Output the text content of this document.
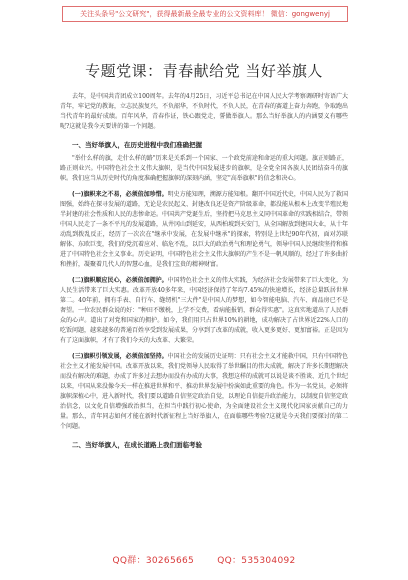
关注头条号"公文研究"，获得最新最全最专业的公文资料库！ 微信：gongwenyj
专题党课：青春献给党 当好举旗人

去年，是中国共青团成立100周年。去年的4月25日，习近平总书记在中国人民大学考察调研时寄语广大青年，牢记党的教诲，立志民族复兴，不负韶华，不负时代，不负人民，在青春的赛道上奋力奔跑，争取跑出当代青年的最好成绩。百年风华，青春作证，铁心跟党走，誓做举旗人。那么当好举旗人的内涵要义有哪些呢?这就是我今天要讲的第一个问题。

一、当好举旗人，在历史进程中我们准确把握

"举什么样的旗，走什么样的路"历来是关系到一个国家、一个政党前途和命运的重大问题。旗正则路正，路正则业兴。中国特色社会主义伟大旗帜，是当代中国发展进步的旗帜，是全党全国各族人民团结奋斗的旗帜。我们应当从历史时代的角度准确把握旗帜的深刻内涵，坚定"高举旗帜"的信念和决心。

(一)旗帜来之不易，必须倍加珍惜。明史方能知理，溯源方能知根。翻开中国近代史，中国人民为了救国图强，始终在探寻发展的道路，无论是农民起义、封建改良还是资产阶级革命，都没能从根本上改变半殖民地半封建的社会性质和人民的悲惨命运。中国共产党诞生后，坚持把马克思主义同中国革命的实践相结合，带领中国人民走了一条不平凡的发展道路，从井冈山到延安，从西柏坡到天安门，从全国解放到建国大业，从十年动乱到拨乱反正，经历了一次次在"继承中发展，在发展中继承"的探索，特别是上世纪90年代初，面对苏联解体、东欧巨变，我们的党沉着应对、临危不乱，以巨大的政治勇气和理论勇气，领导中国人民继续坚持和推进了中国特色社会主义事业。历史证明，中国特色社会主义伟大旗帜的产生不是一帆风顺的，经过了许多曲折和挫折，凝聚着几代人的智慧心血，是我们宝贵的精神财富。

(二)旗帜顺应民心，必须倍加拥护。中国特色社会主义的伟大实践，为经济社会发展带来了巨大变化，为人民生活带来了巨大实惠。改革开放40多年来，中国经济保持了年均7.45%的快速增长，经济总量跃居世界第二。40年前，拥有手表、自行车、缝纫机"三大件"是中国人的梦想，如今智能电脑、汽车、商品房已不是奢望。一位农民群众说的好："种田不缴税，上学不交费，看病能报销，群众得实惠"。这真实地道出了人民群众的心声。道出了对党和国家的拥护。如今，我们用只占世界10%的耕地，成功解决了占世界近22%人口的吃饭问题，越来越多的普通百姓享受到发展成果，分享到了改革的成就，收入更多更好、更加富裕。正是因为有了这面旗帜，才有了我们今天的大改革、大繁荣。

(三)旗帜引领发展，必须倍加坚持。中国社会的发展历史证明：只有社会主义才能救中国，只有中国特色社会主义才能发展中国。改革开放以来，我们党领导人民取得了举世瞩目的伟大成就，解决了许多长期想解决而没有解决的难题，办成了许多过去想办而没有办成的大事，我想这样的成就可以说是谈不胜谈、近几个世纪以来，中国从来没像今天一样在推进世界和平、推动世界发展中扮演如此重要的角色。作为一名党员，必须将旗帜深植心中，进入新时代，我们要以道路自信坚定政治自觉，以理论自信提升政治能力，以制度自信坚定政治信念，以文化自信增强政治担当，在担当中践行初心使命，为全面建设社会主义现代化国家贡献自己的力量。那么，青年同志如何才能在新时代新征程上当好举旗人，在面临哪些考验?这就是今天我们要探讨的第二个问题。

二、当好举旗人，在成长道路上我们面临考验
QQ群：30265665	QQ：535304092
